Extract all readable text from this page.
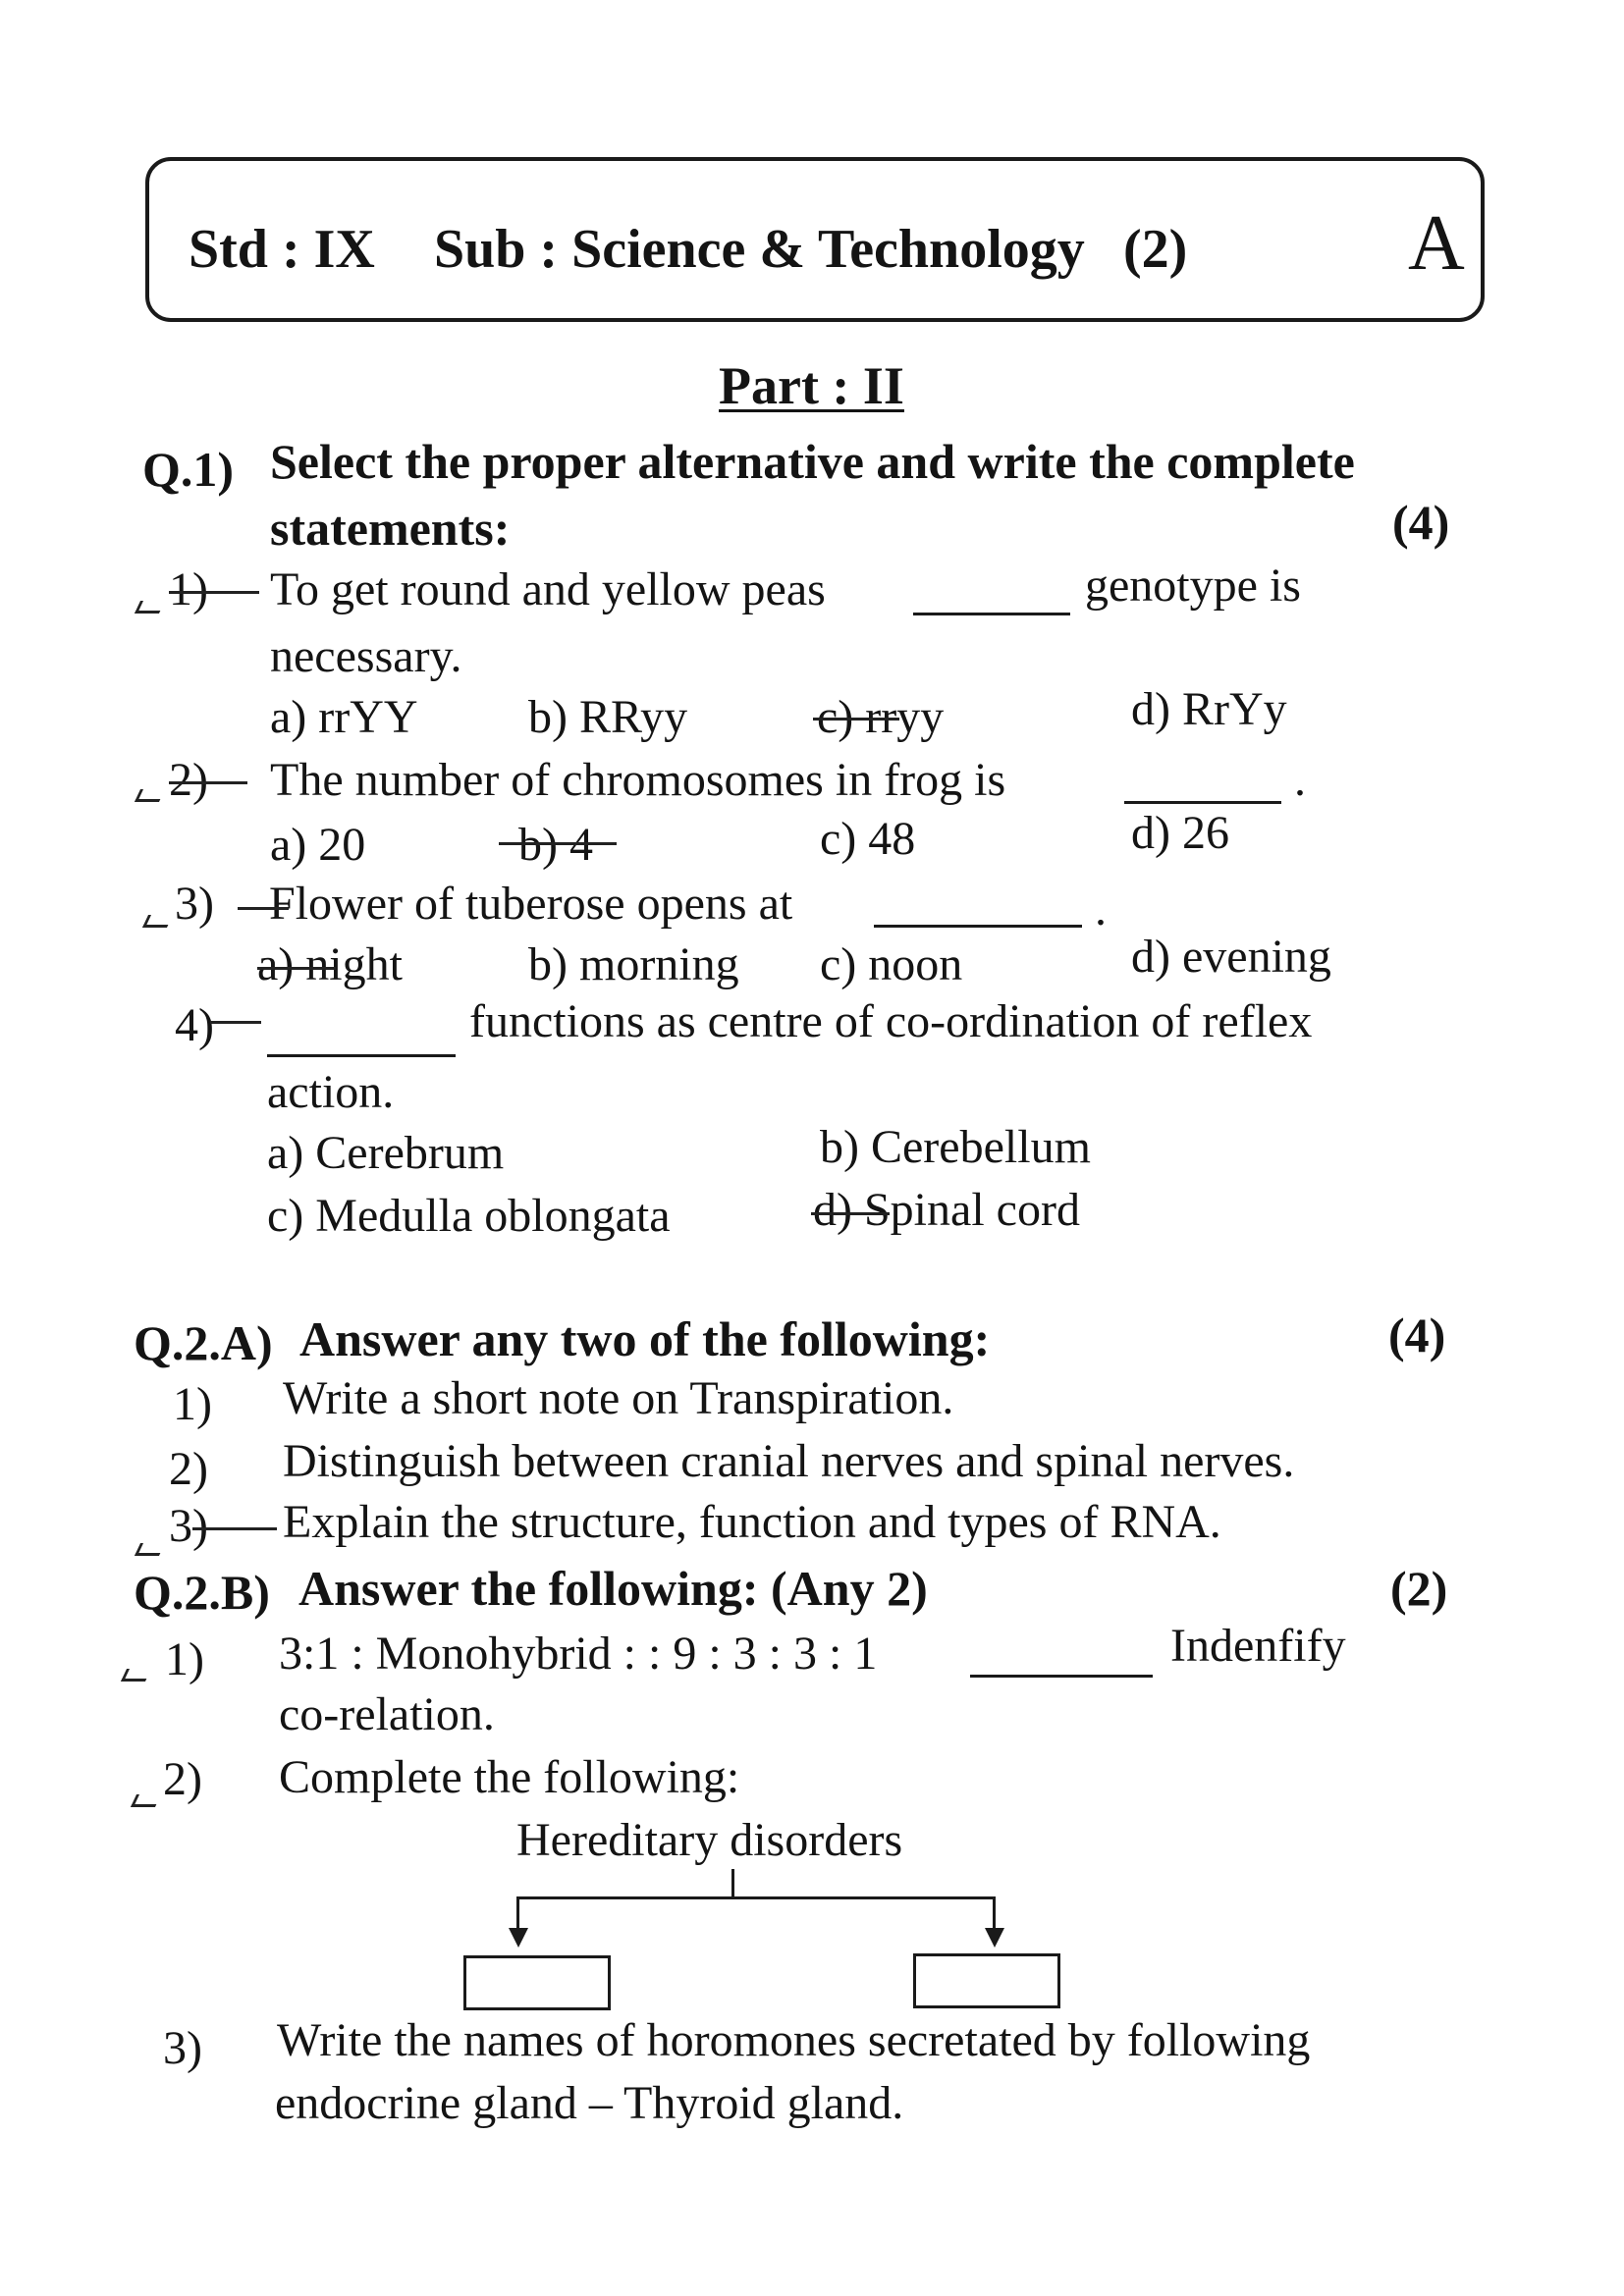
Std : IX Sub : Science & Technology (2)	A
Part : II
Q.1) Select the proper alternative and write the complete
statements:	(4)
1) To get round and yellow peas	genotype is
necessary.
a) rrYY b) RRyy	c) rryy	d) RrYy
2) The number of chromosomes in frog is	.
a) 20	b) 4	c) 48	d) 26
3) Flower of tuberose opens at	.
a) night	b) morning c) noon	d) evening
4)	functions as centre of co-ordination of reflex
action.
a) Cerebrum	b) Cerebellum
c) Medulla oblongata	d) Spinal cord
Q.2.A) Answer any two of the following:	(4)
1) Write a short note on Transpiration.
2) Distinguish between cranial nerves and spinal nerves.
3) Explain the structure, function and types of RNA.
Q.2.B) Answer the following: (Any 2)	(2)
1) 3:1 : Monohybrid : : 9 : 3 : 3 : 1	Indenfify
co-relation.
2) Complete the following:
Hereditary disorders
3) Write the names of horomones secretated by following
endocrine gland – Thyroid gland.
